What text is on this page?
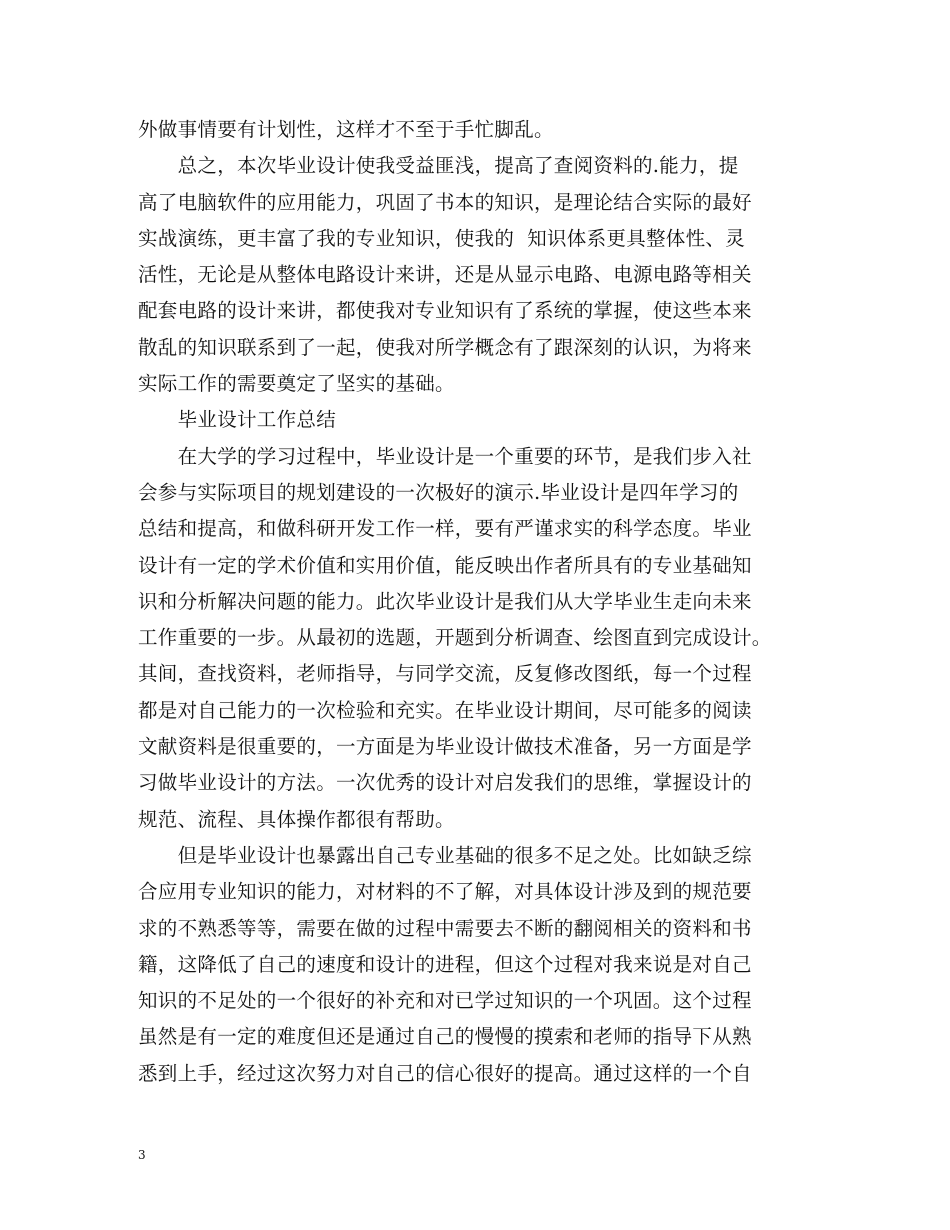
外做事情要有计划性，这样才不至于手忙脚乱。
　　总之，本次毕业设计使我受益匪浅，提高了查阅资料的.能力，提
高了电脑软件的应用能力，巩固了书本的知识，是理论结合实际的最好
实战演练，更丰富了我的专业知识，使我的  知识体系更具整体性、灵
活性，无论是从整体电路设计来讲，还是从显示电路、电源电路等相关
配套电路的设计来讲，都使我对专业知识有了系统的掌握，使这些本来
散乱的知识联系到了一起，使我对所学概念有了跟深刻的认识，为将来
实际工作的需要奠定了坚实的基础。
　　毕业设计工作总结
　　在大学的学习过程中，毕业设计是一个重要的环节，是我们步入社
会参与实际项目的规划建设的一次极好的演示.毕业设计是四年学习的
总结和提高，和做科研开发工作一样，要有严谨求实的科学态度。毕业
设计有一定的学术价值和实用价值，能反映出作者所具有的专业基础知
识和分析解决问题的能力。此次毕业设计是我们从大学毕业生走向未来
工作重要的一步。从最初的选题，开题到分析调查、绘图直到完成设计。
其间，查找资料，老师指导，与同学交流，反复修改图纸，每一个过程
都是对自己能力的一次检验和充实。在毕业设计期间，尽可能多的阅读
文献资料是很重要的，一方面是为毕业设计做技术准备，另一方面是学
习做毕业设计的方法。一次优秀的设计对启发我们的思维，掌握设计的
规范、流程、具体操作都很有帮助。
　　但是毕业设计也暴露出自己专业基础的很多不足之处。比如缺乏综
合应用专业知识的能力，对材料的不了解，对具体设计涉及到的规范要
求的不熟悉等等，需要在做的过程中需要去不断的翻阅相关的资料和书
籍，这降低了自己的速度和设计的进程，但这个过程对我来说是对自己
知识的不足处的一个很好的补充和对已学过知识的一个巩固。这个过程
虽然是有一定的难度但还是通过自己的慢慢的摸索和老师的指导下从熟
悉到上手，经过这次努力对自己的信心很好的提高。通过这样的一个自
3
